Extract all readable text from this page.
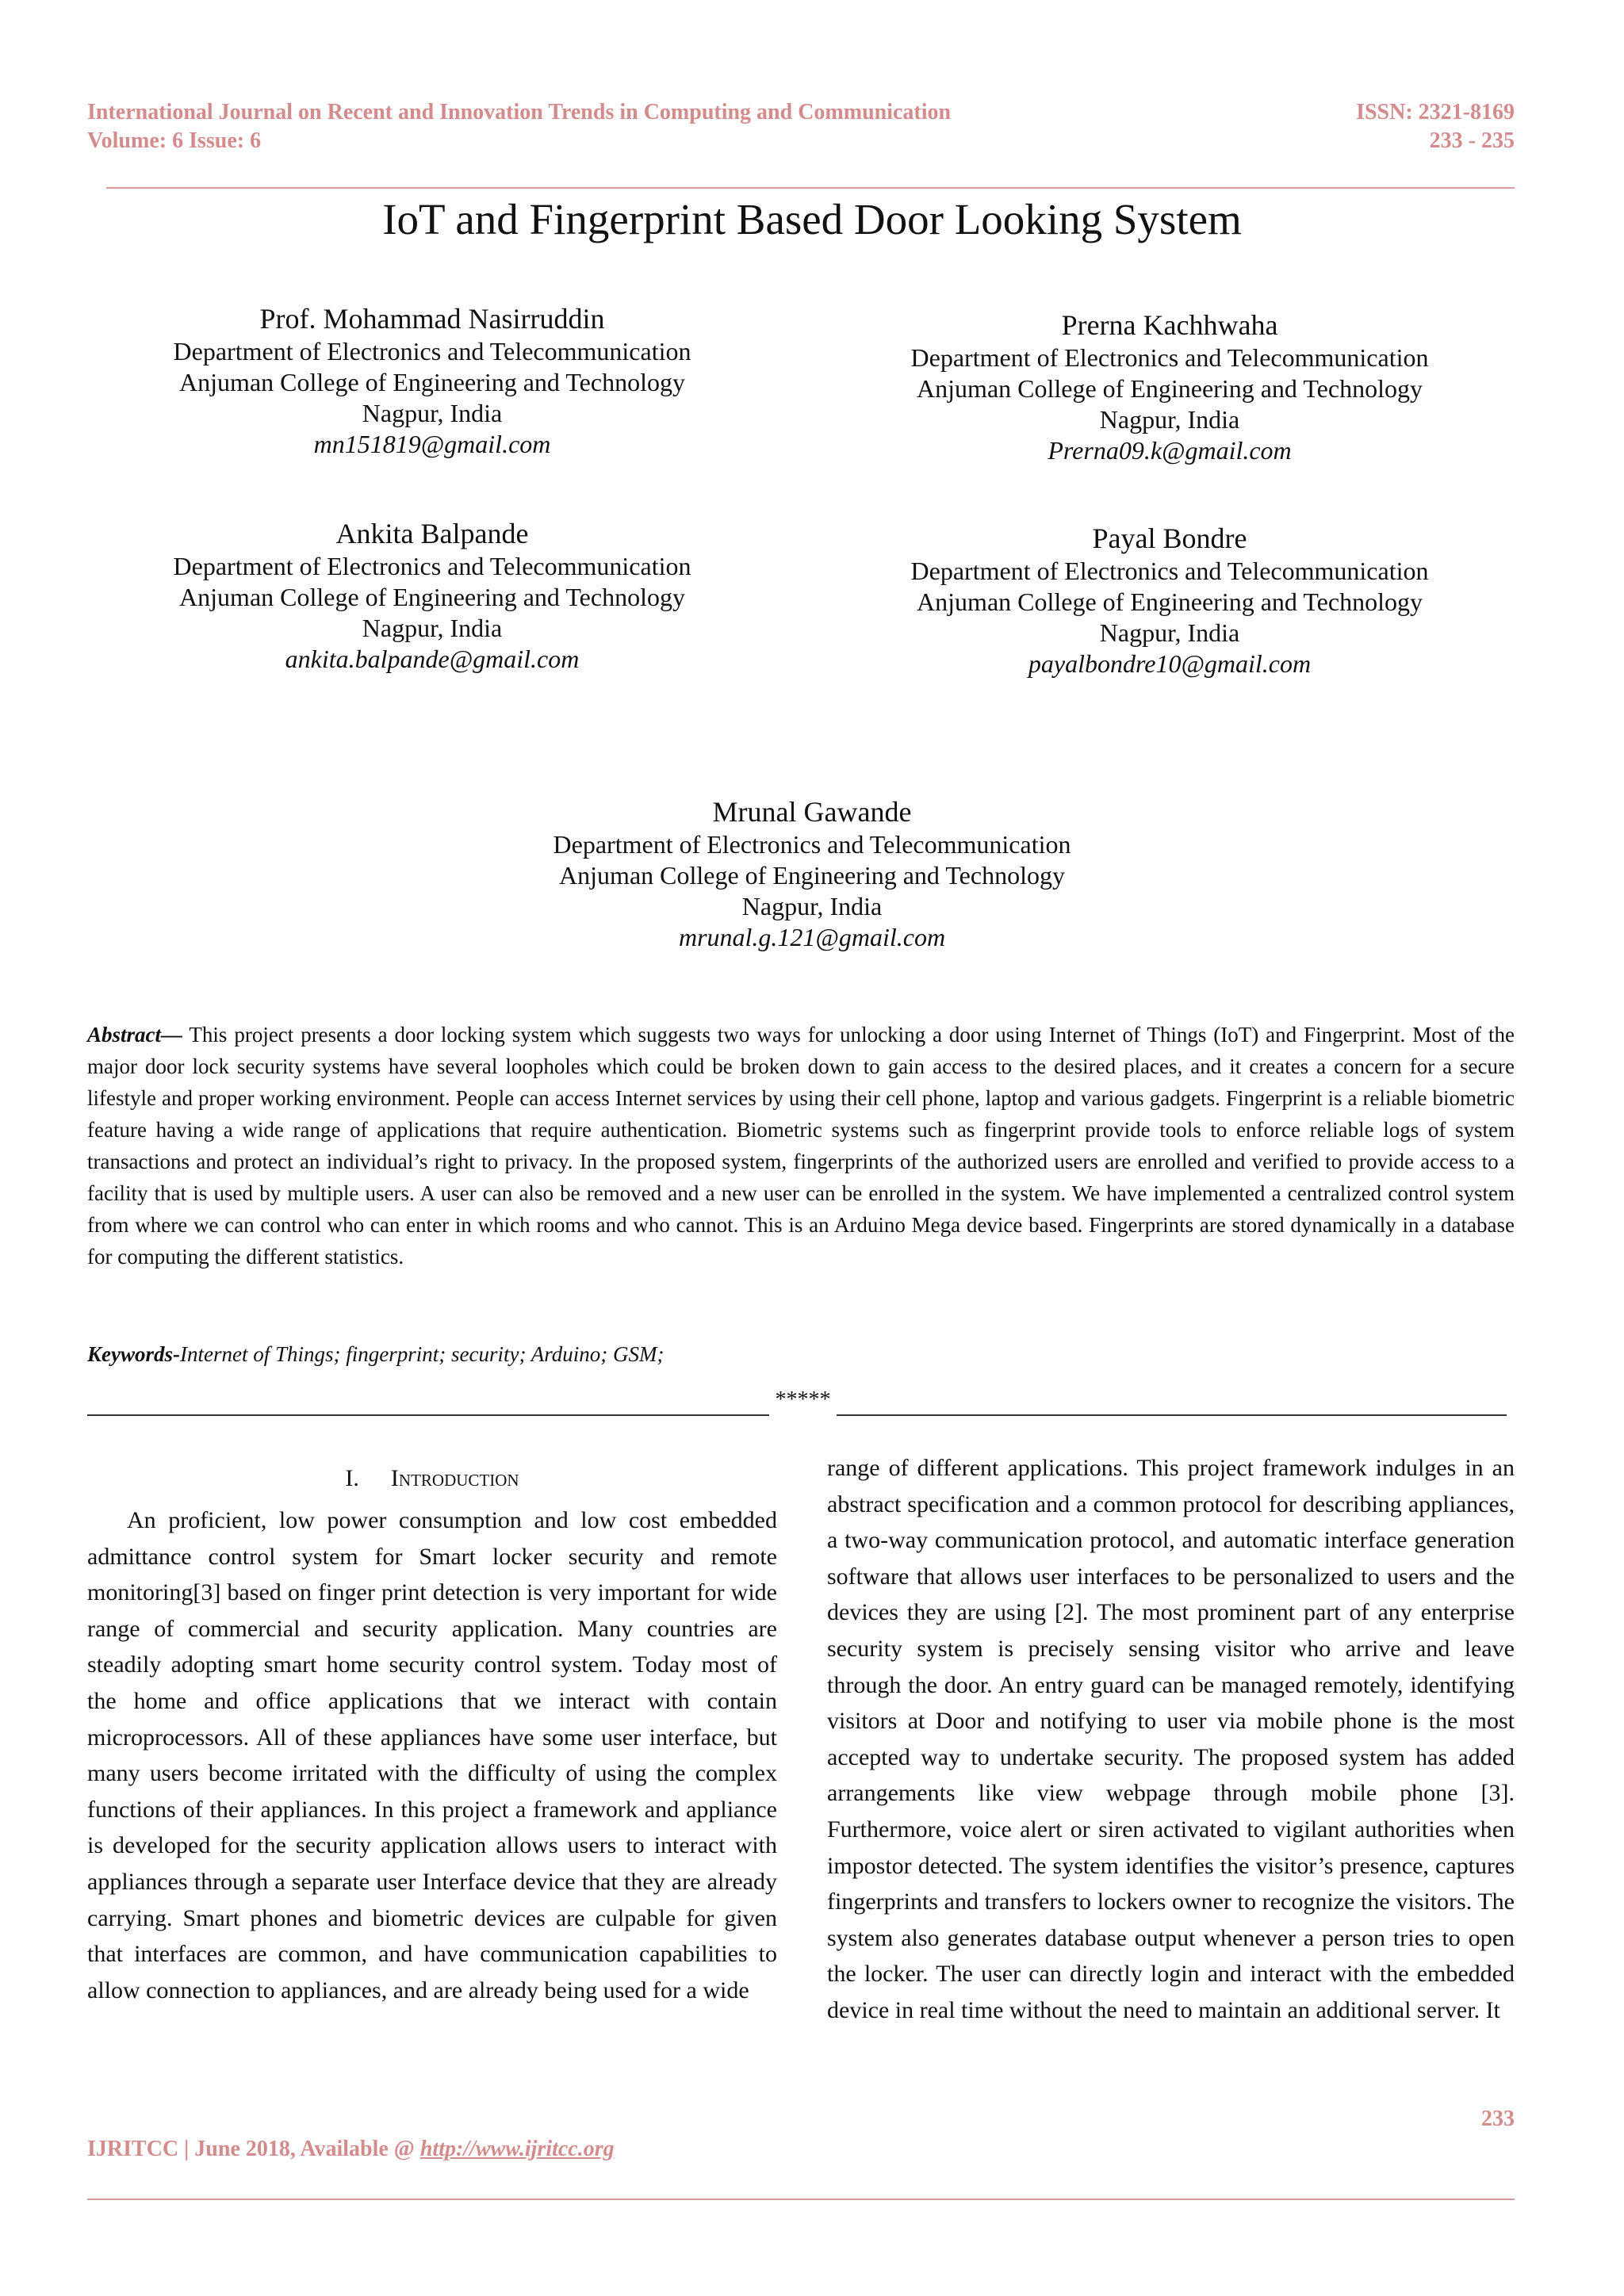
International Journal on Recent and Innovation Trends in Computing and Communication
Volume: 6 Issue: 6
ISSN: 2321-8169
233 - 235
IoT and Fingerprint Based Door Looking System
Prof. Mohammad Nasirruddin
Department of Electronics and Telecommunication
Anjuman College of Engineering and Technology
Nagpur, India
mn151819@gmail.com
Prerna Kachhwaha
Department of Electronics and Telecommunication
Anjuman College of Engineering and Technology
Nagpur, India
Prerna09.k@gmail.com
Ankita Balpande
Department of Electronics and Telecommunication
Anjuman College of Engineering and Technology
Nagpur, India
ankita.balpande@gmail.com
Payal Bondre
Department of Electronics and Telecommunication
Anjuman College of Engineering and Technology
Nagpur, India
payalbondre10@gmail.com
Mrunal Gawande
Department of Electronics and Telecommunication
Anjuman College of Engineering and Technology
Nagpur, India
mrunal.g.121@gmail.com
Abstract— This project presents a door locking system which suggests two ways for unlocking a door using Internet of Things (IoT) and Fingerprint. Most of the major door lock security systems have several loopholes which could be broken down to gain access to the desired places, and it creates a concern for a secure lifestyle and proper working environment. People can access Internet services by using their cell phone, laptop and various gadgets. Fingerprint is a reliable biometric feature having a wide range of applications that require authentication. Biometric systems such as fingerprint provide tools to enforce reliable logs of system transactions and protect an individual’s right to privacy. In the proposed system, fingerprints of the authorized users are enrolled and verified to provide access to a facility that is used by multiple users. A user can also be removed and a new user can be enrolled in the system. We have implemented a centralized control system from where we can control who can enter in which rooms and who cannot. This is an Arduino Mega device based. Fingerprints are stored dynamically in a database for computing the different statistics.
Keywords-Internet of Things; fingerprint; security; Arduino; GSM;
*****
I. Introduction
An proficient, low power consumption and low cost embedded admittance control system for Smart locker security and remote monitoring[3] based on finger print detection is very important for wide range of commercial and security application. Many countries are steadily adopting smart home security control system. Today most of the home and office applications that we interact with contain microprocessors. All of these appliances have some user interface, but many users become irritated with the difficulty of using the complex functions of their appliances. In this project a framework and appliance is developed for the security application allows users to interact with appliances through a separate user Interface device that they are already carrying. Smart phones and biometric devices are culpable for given that interfaces are common, and have communication capabilities to allow connection to appliances, and are already being used for a wide
range of different applications. This project framework indulges in an abstract specification and a common protocol for describing appliances, a two-way communication protocol, and automatic interface generation software that allows user interfaces to be personalized to users and the devices they are using [2]. The most prominent part of any enterprise security system is precisely sensing visitor who arrive and leave through the door. An entry guard can be managed remotely, identifying visitors at Door and notifying to user via mobile phone is the most accepted way to undertake security. The proposed system has added arrangements like view webpage through mobile phone [3]. Furthermore, voice alert or siren activated to vigilant authorities when impostor detected. The system identifies the visitor’s presence, captures fingerprints and transfers to lockers owner to recognize the visitors. The system also generates database output whenever a person tries to open the locker. The user can directly login and interact with the embedded device in real time without the need to maintain an additional server. It
233
IJRITCC | June 2018, Available @ http://www.ijritcc.org
